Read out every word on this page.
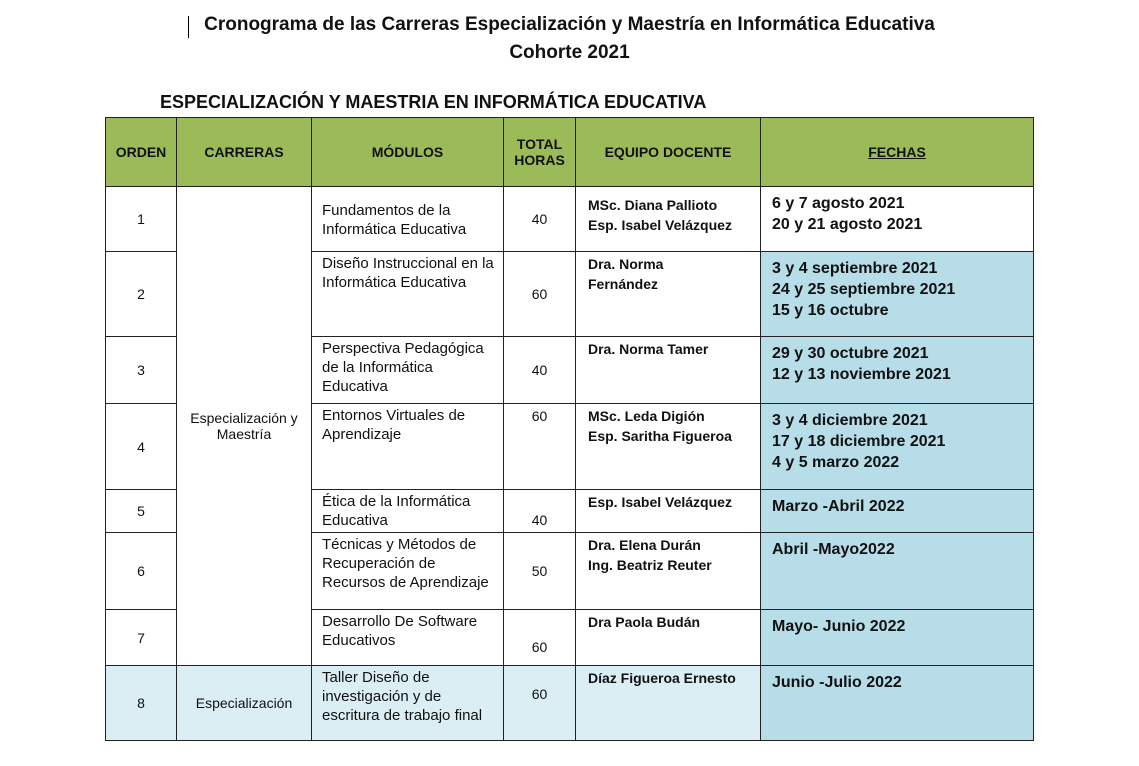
Cronograma de las Carreras Especialización y Maestría en Informática Educativa
Cohorte 2021
ESPECIALIZACIÓN Y MAESTRIA EN INFORMÁTICA EDUCATIVA
ORDEN	CARRERAS	MÓDULOS	TOTAL
HORAS	EQUIPO DOCENTE	FECHAS
1	Especialización y Maestría	Fundamentos de la Informática Educativa	40	MSc. Diana Pallioto
Esp. Isabel Velázquez	6 y 7 agosto 2021
20 y 21 agosto 2021

2		Diseño Instruccional en la Informática Educativa	60	Dra. Norma
Fernández	3 y 4 septiembre 2021
24 y 25 septiembre 2021
15 y 16 octubre

3		Perspectiva Pedagógica de la Informática Educativa	40	Dra. Norma Tamer	29 y 30 octubre 2021
12 y 13 noviembre 2021

4		Entornos Virtuales de Aprendizaje	60	MSc. Leda Digión
Esp. Saritha Figueroa	3 y 4 diciembre 2021
17 y 18 diciembre 2021
4 y 5 marzo 2022

5		Ética de la Informática Educativa	40	Esp. Isabel Velázquez	Marzo -Abril 2022

6		Técnicas y Métodos de Recuperación de Recursos de Aprendizaje	50	Dra. Elena Durán
Ing. Beatriz Reuter	Abril -Mayo2022

7		Desarrollo De Software Educativos	60	Dra Paola Budán	Mayo- Junio 2022

8	Especialización	Taller Diseño de investigación y de escritura de trabajo final	60	Díaz Figueroa Ernesto	Junio -Julio 2022
